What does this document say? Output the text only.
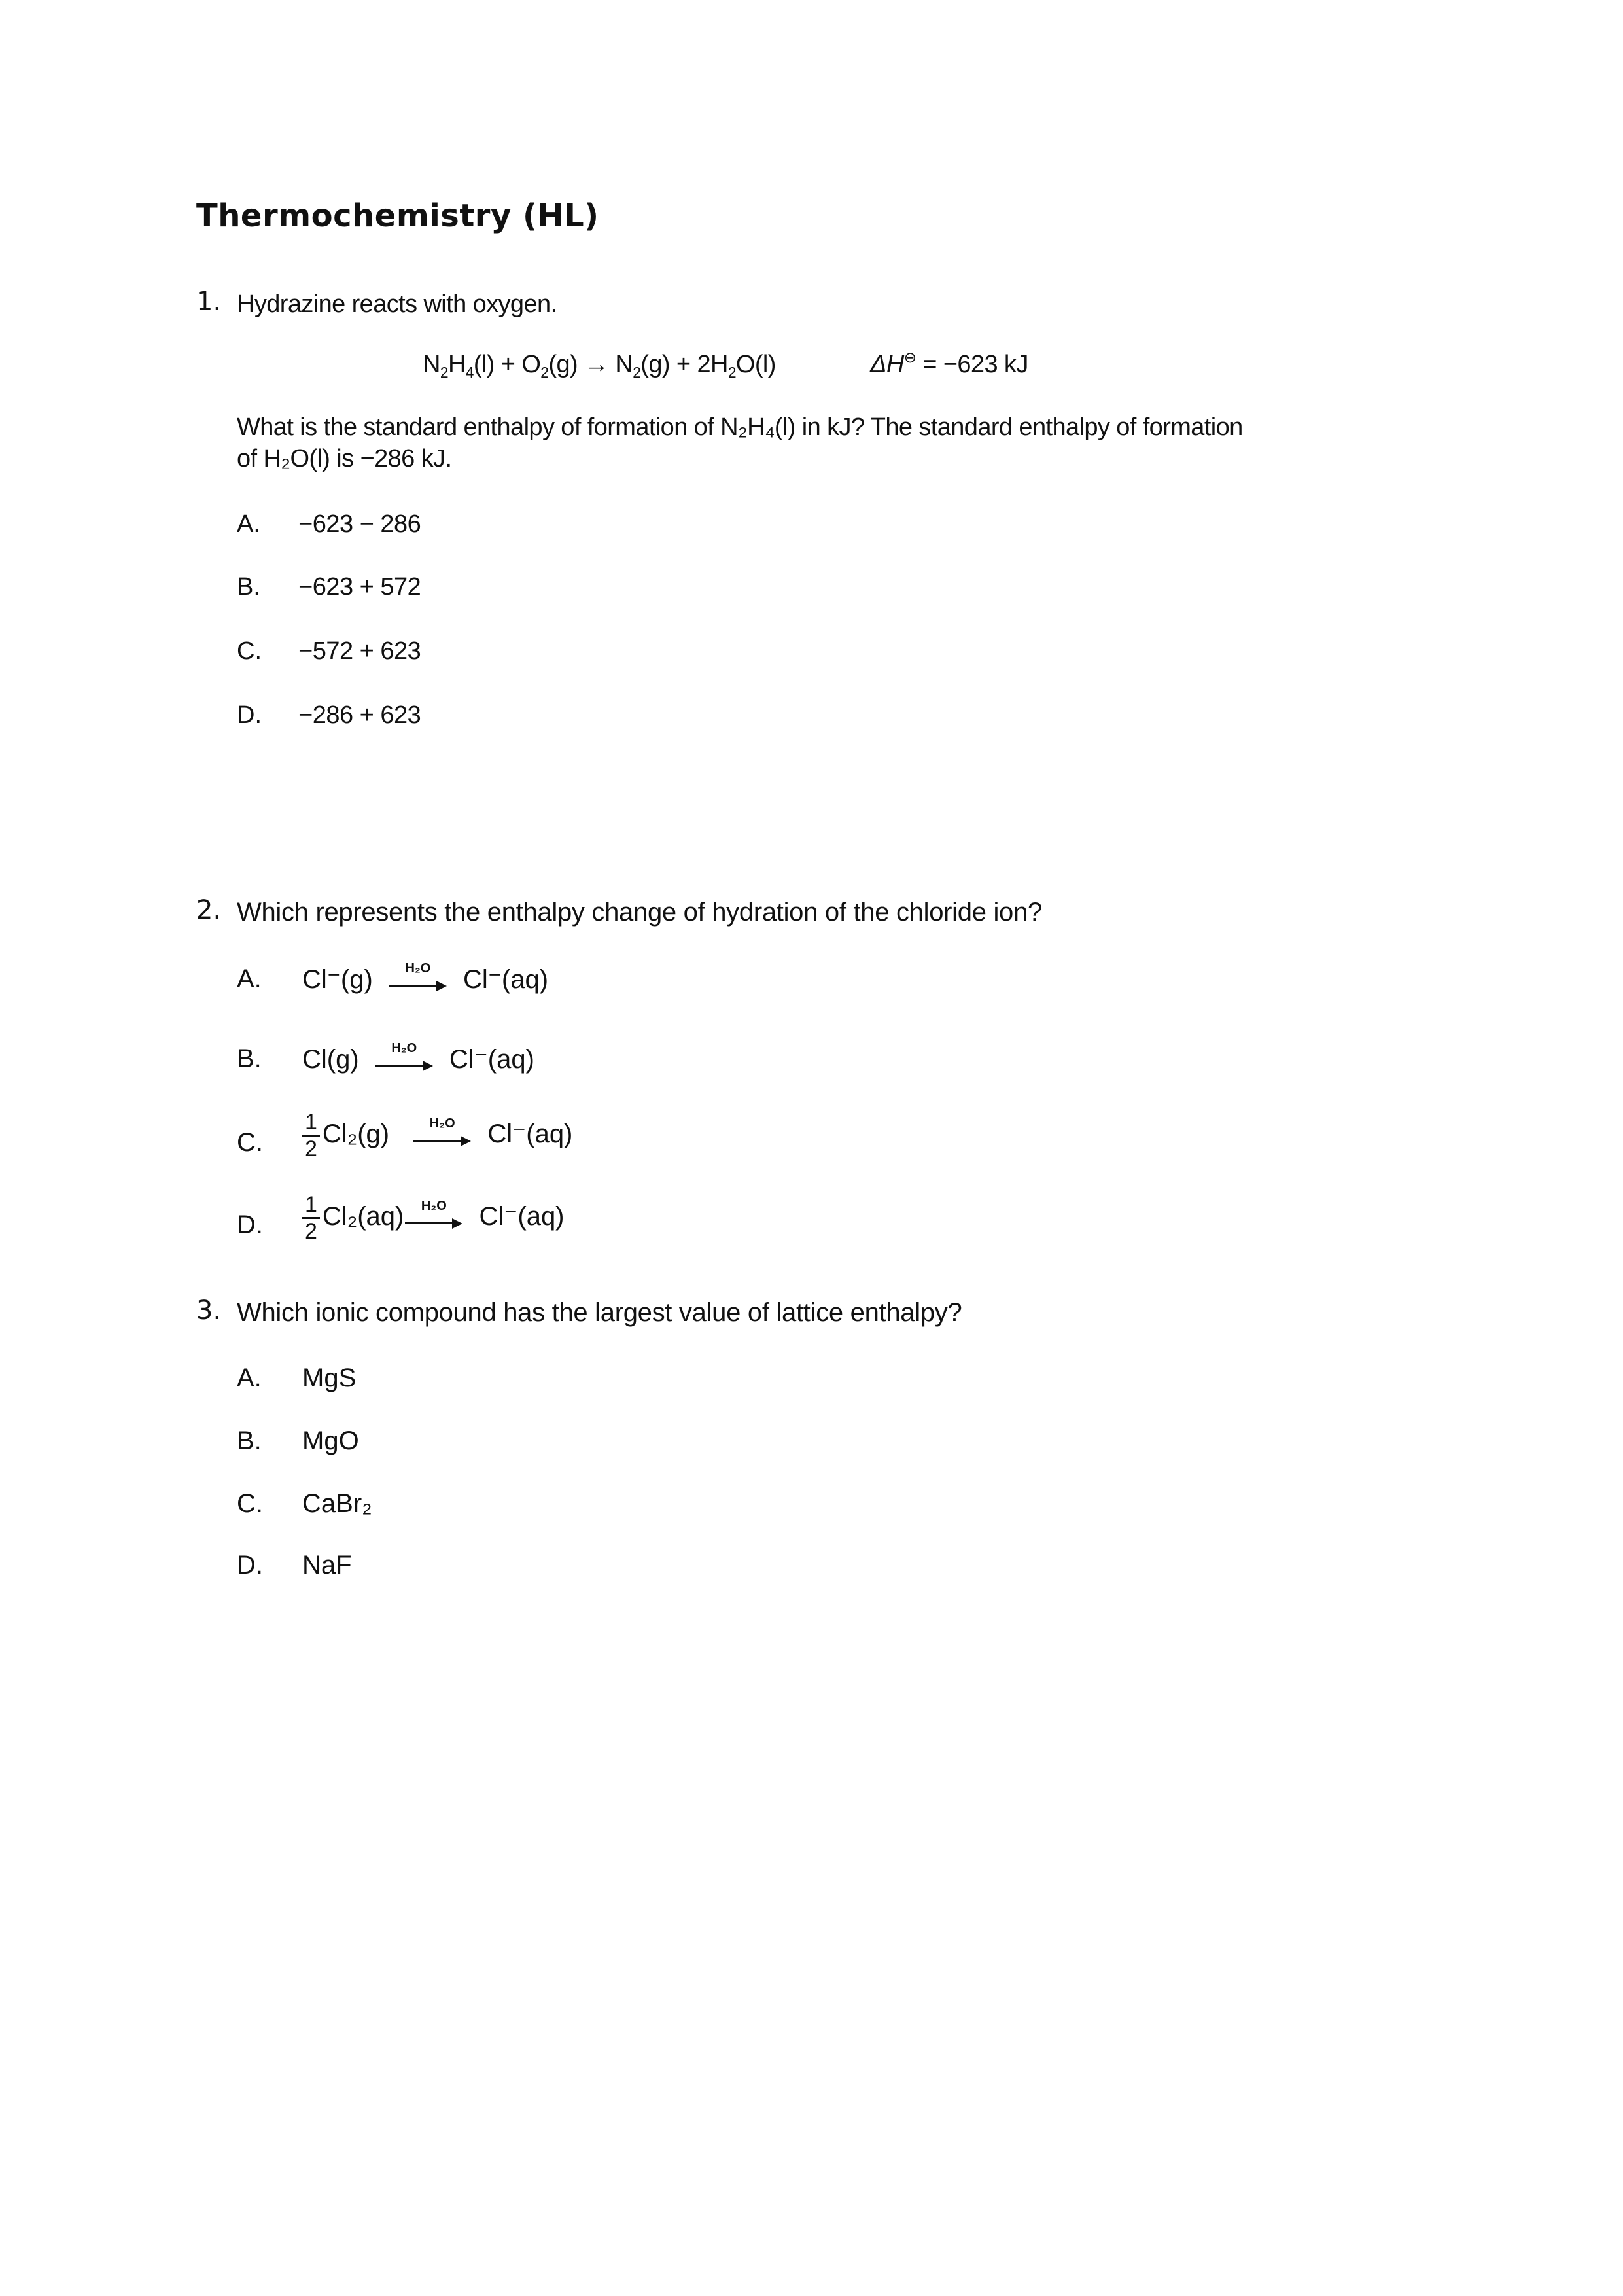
Thermochemistry (HL)
1. Hydrazine reacts with oxygen.
$N_2H_4(l) + O_2(g) \to N_2(g) + 2H_2O(l)$	ΔH⊖ = −623 kJ
What is the standard enthalpy of formation of N₂H₄(l) in kJ? The standard enthalpy of formation
of H₂O(l) is −286 kJ.
A. −623 − 286
B. −623 + 572
C. −572 + 623
D. −286 + 623
2. Which represents the enthalpy change of hydration of the chloride ion?
A. Cl⁻(g)	H₂O	Cl⁻(aq)
B. Cl(g)	H₂O	Cl⁻(aq)
C. $\frac{1}{2} Cl_2(g)$	H₂O	Cl⁻(aq)
D. $\frac{1}{2} Cl_2(aq)$	H₂O	Cl⁻(aq)
3. Which ionic compound has the largest value of lattice enthalpy?
A. MgS
B. MgO
C. CaBr₂
D. NaF
